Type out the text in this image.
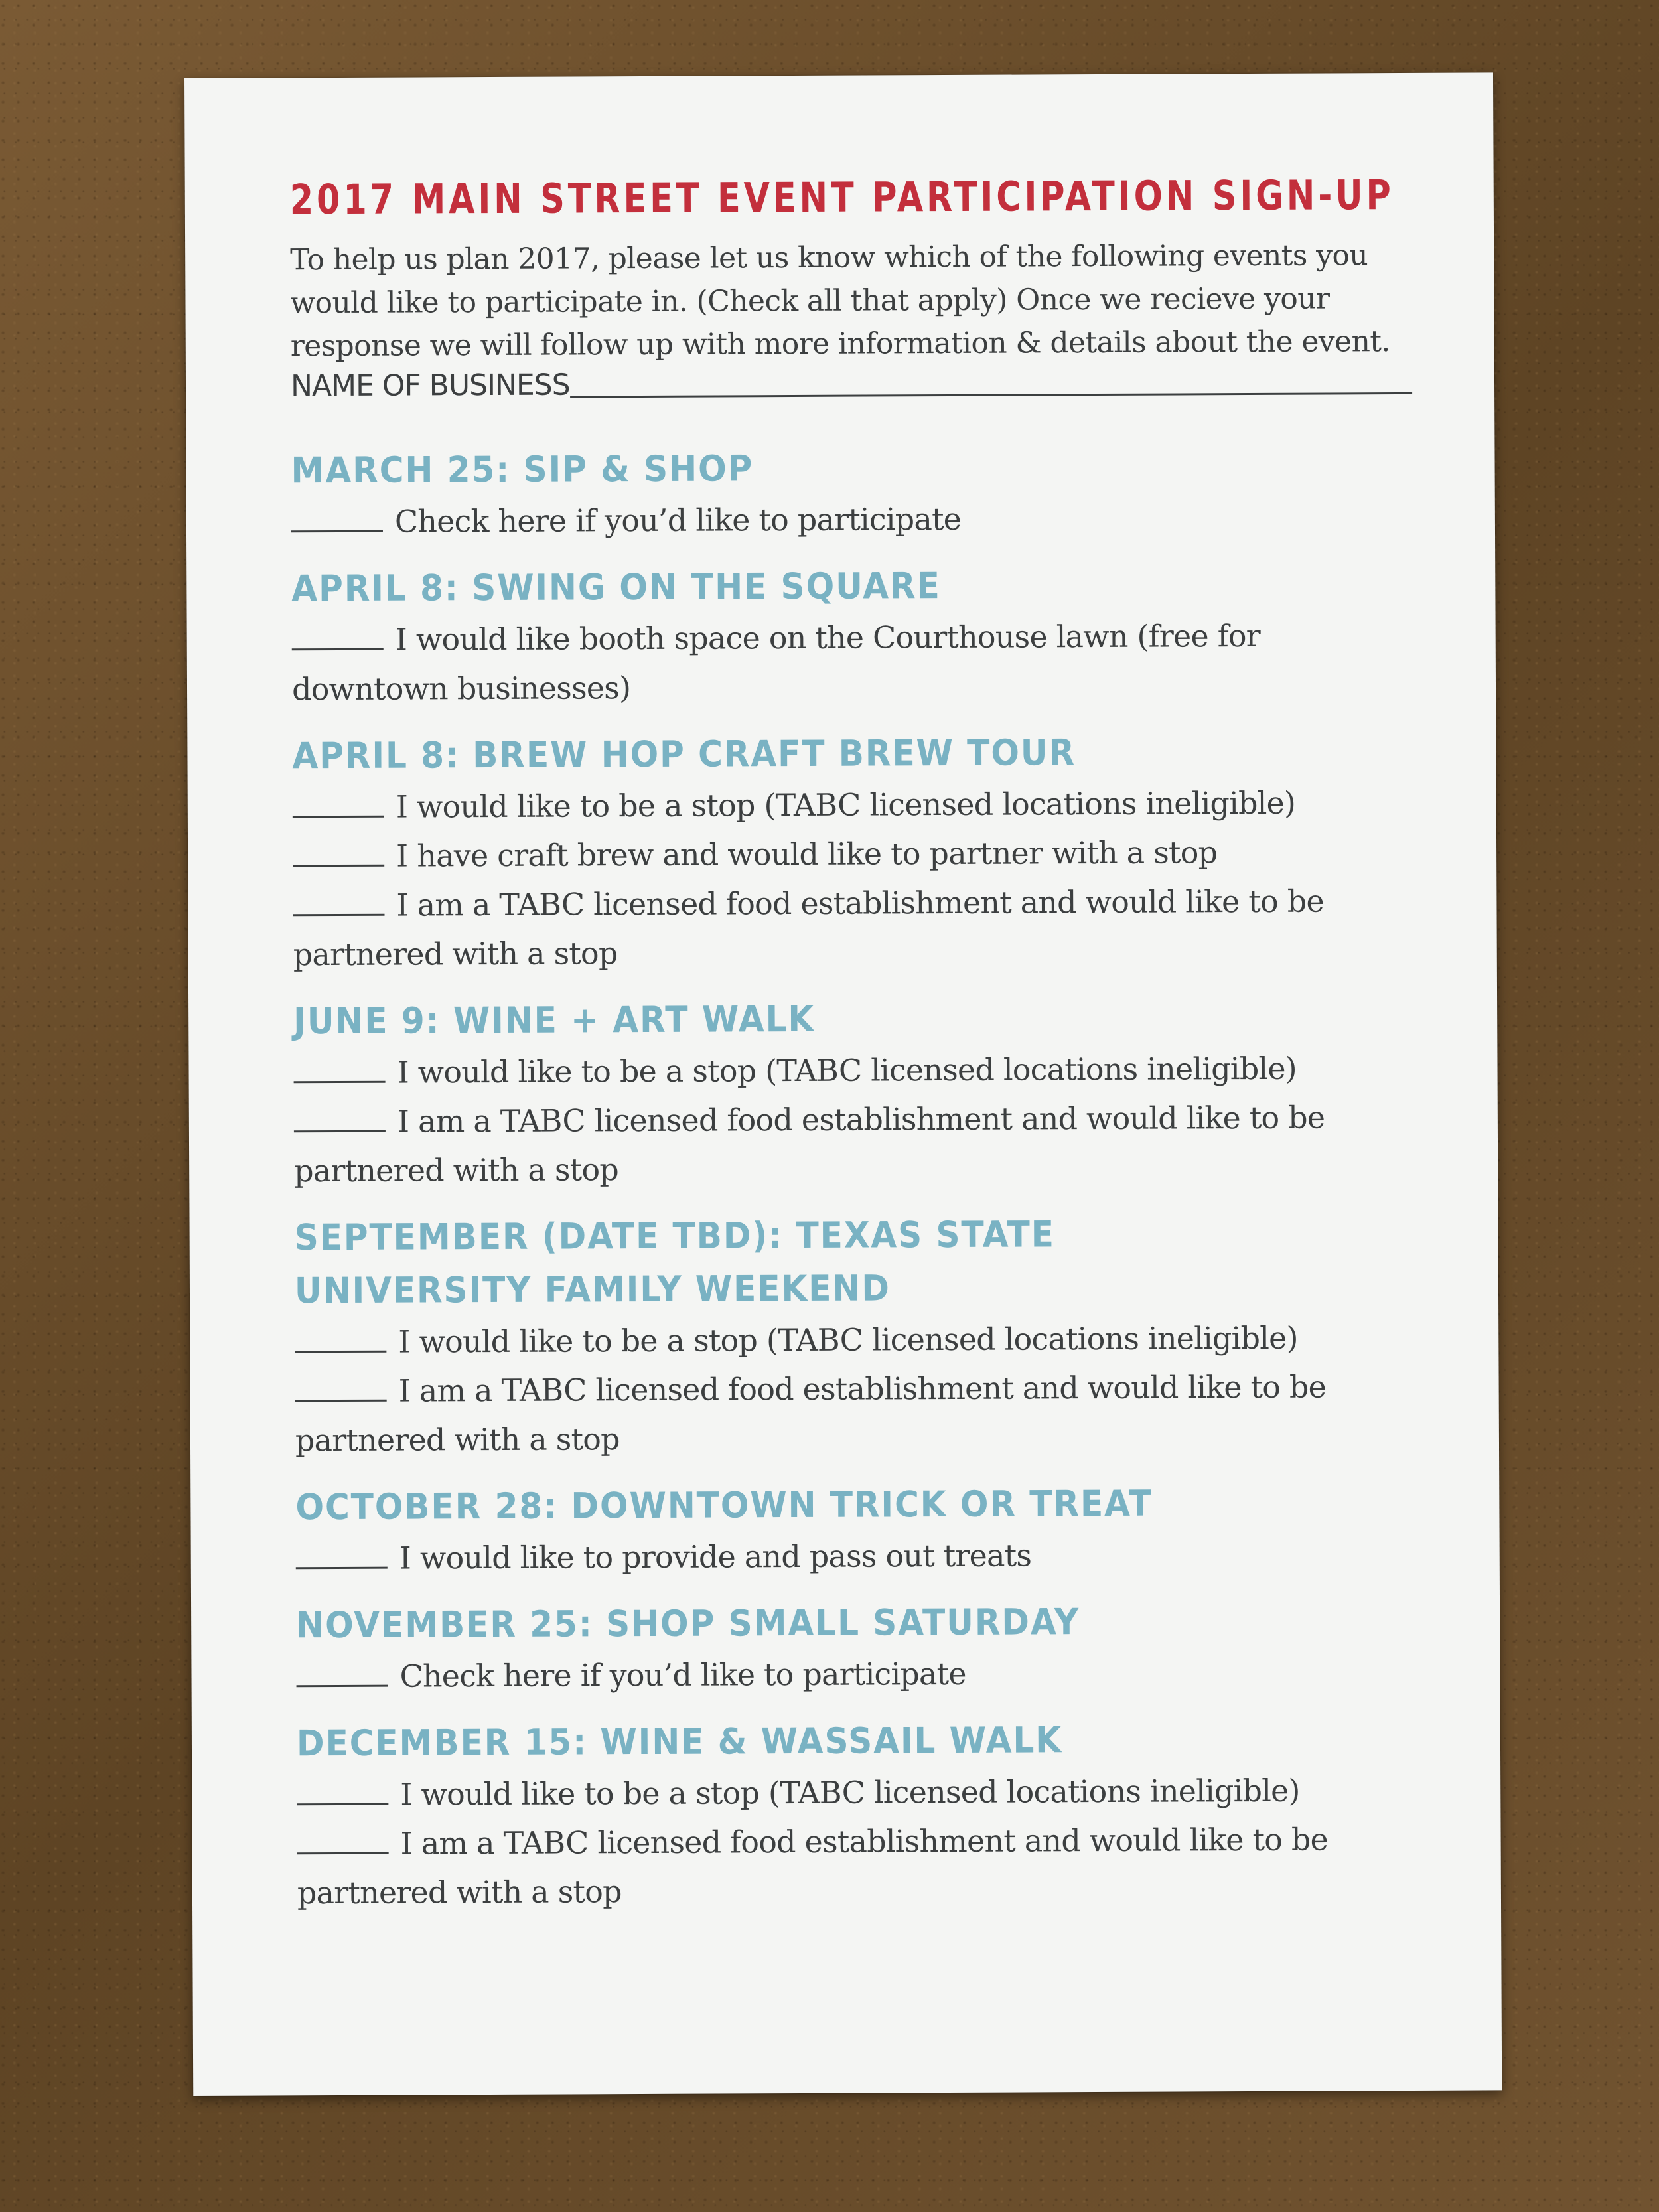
2017 MAIN STREET EVENT PARTICIPATION SIGN-UP

To help us plan 2017, please let us know which of the following events you would like to participate in. (Check all that apply) Once we recieve your response we will follow up with more information & details about the event.

NAME OF BUSINESS
MARCH 25: SIP & SHOP

Check here if you’d like to participate

APRIL 8: SWING ON THE SQUARE

I would like booth space on the Courthouse lawn (free for downtown businesses)

APRIL 8: BREW HOP CRAFT BREW TOUR

I would like to be a stop (TABC licensed locations ineligible)

I have craft brew and would like to partner with a stop

I am a TABC licensed food establishment and would like to be partnered with a stop

JUNE 9: WINE + ART WALK

I would like to be a stop (TABC licensed locations ineligible)

I am a TABC licensed food establishment and would like to be partnered with a stop

SEPTEMBER (DATE TBD): TEXAS STATE UNIVERSITY FAMILY WEEKEND

I would like to be a stop (TABC licensed locations ineligible)

I am a TABC licensed food establishment and would like to be partnered with a stop

OCTOBER 28: DOWNTOWN TRICK OR TREAT

I would like to provide and pass out treats

NOVEMBER 25: SHOP SMALL SATURDAY

Check here if you’d like to participate

DECEMBER 15: WINE & WASSAIL WALK

I would like to be a stop (TABC licensed locations ineligible)

I am a TABC licensed food establishment and would like to be partnered with a stop
